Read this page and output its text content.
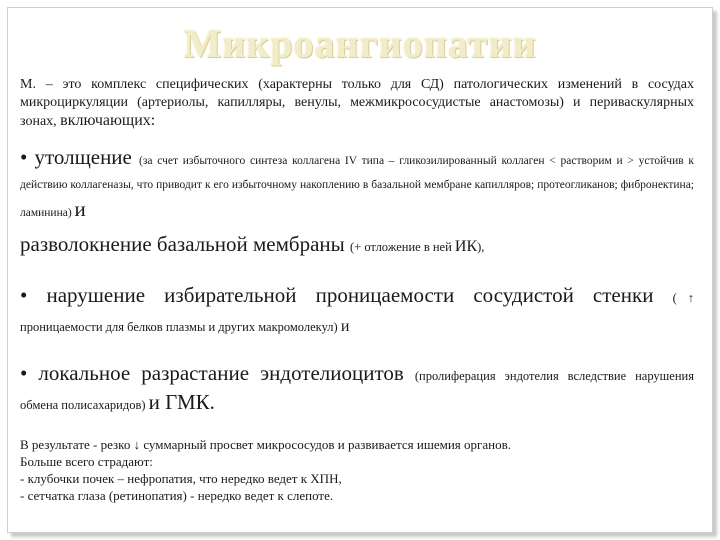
Микроангиопатии
М. – это комплекс специфических (характерны только для СД) патологических изменений в сосудах микроциркуляции (артериолы, капилляры, венулы, межмикрососудистые анастомозы) и периваскулярных зонах, включающих:
• утолщение (за счет избыточного синтеза коллагена IV типа – гликозилированный коллаген < растворим и > устойчив к действию коллагеназы, что приводит к его избыточному накоплению в базальной мембране капилляров; протеогликанов; фибронектина; ламинина) и
разволокнение базальной мембраны (+ отложение в ней ИК),
• нарушение избирательной проницаемости сосудистой стенки ( ↑ проницаемости для белков плазмы и других макромолекул) и
• локальное разрастание эндотелиоцитов (пролиферация эндотелия вследствие нарушения обмена полисахаридов) и ГМК.
В результате - резко ↓ суммарный просвет микрососудов и развивается ишемия органов.
Больше всего страдают:
- клубочки почек – нефропатия, что нередко ведет к ХПН,
- сетчатка глаза (ретинопатия) - нередко ведет к слепоте.
